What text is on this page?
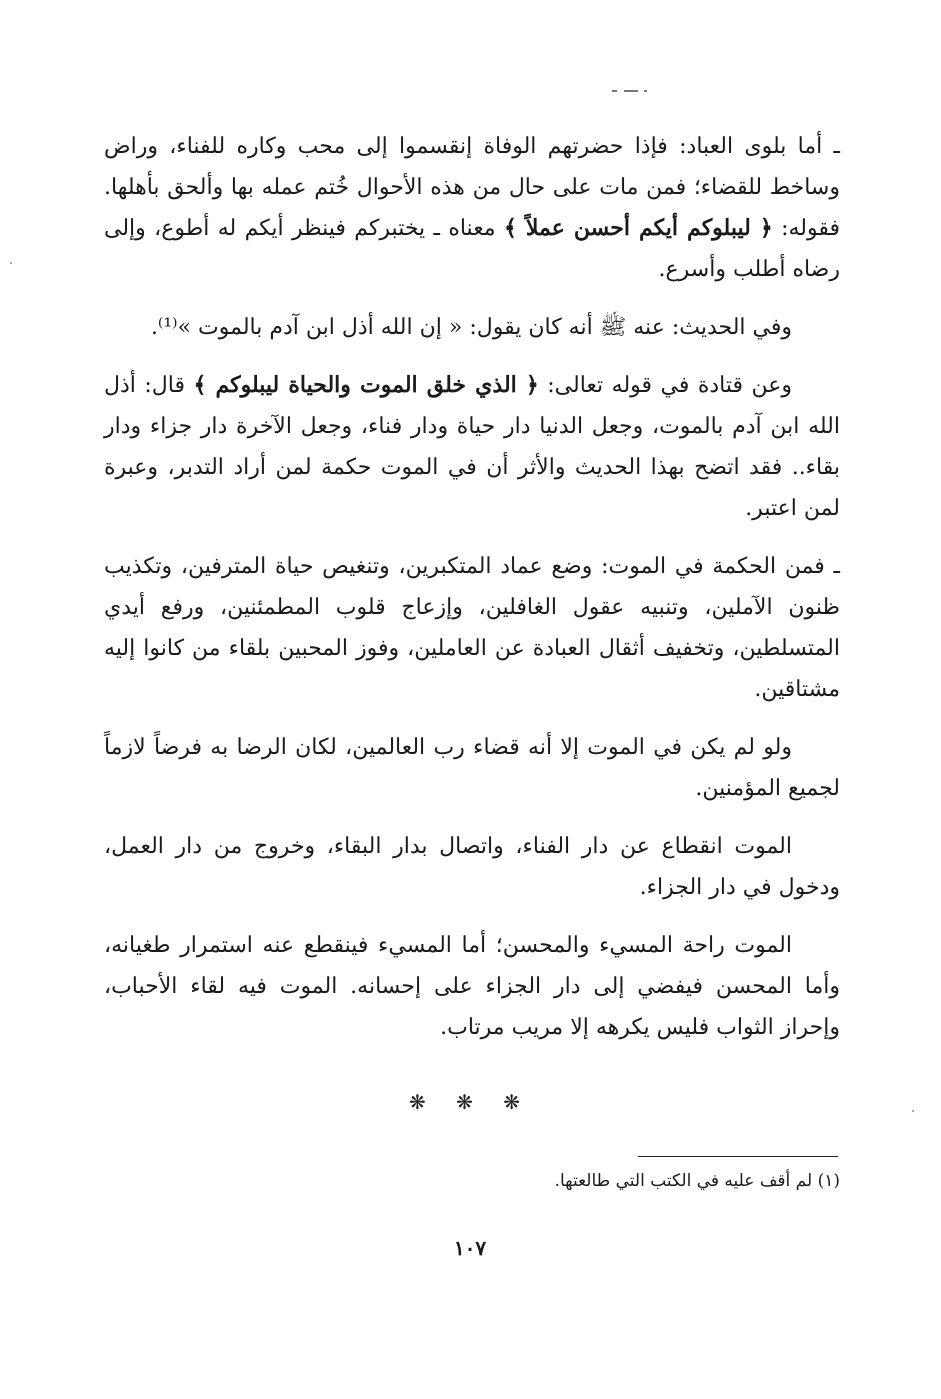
ـ أما بلوى العباد: فإذا حضرتهم الوفاة إنقسموا إلى محب وكاره للفناء، وراض وساخط للقضاء؛ فمن مات على حال من هذه الأحوال خُتم عمله بها وألحق بأهلها. فقوله: ﴿ ليبلوكم أيكم أحسن عملاً ﴾ معناه ـ يختبركم فينظر أيكم له أطوع، وإلى رضاه أطلب وأسرع.

وفي الحديث: عنه ﷺ أنه كان يقول: « إن الله أذل ابن آدم بالموت »⁽¹⁾.

وعن قتادة في قوله تعالى: ﴿ الذي خلق الموت والحياة ليبلوكم ﴾ قال: أذل الله ابن آدم بالموت، وجعل الدنيا دار حياة ودار فناء، وجعل الآخرة دار جزاء ودار بقاء.. فقد اتضح بهذا الحديث والأثر أن في الموت حكمة لمن أراد التدبر، وعبرة لمن اعتبر.

ـ فمن الحكمة في الموت: وضع عماد المتكبرين، وتنغيص حياة المترفين، وتكذيب ظنون الآملين، وتنبيه عقول الغافلين، وإزعاج قلوب المطمئنين، ورفع أيدي المتسلطين، وتخفيف أثقال العبادة عن العاملين، وفوز المحبين بلقاء من كانوا إليه مشتاقين.

ولو لم يكن في الموت إلا أنه قضاء رب العالمين، لكان الرضا به فرضاً لازماً لجميع المؤمنين.

الموت انقطاع عن دار الفناء، واتصال بدار البقاء، وخروج من دار العمل، ودخول في دار الجزاء.

الموت راحة المسيء والمحسن؛ أما المسيء فينقطع عنه استمرار طغيانه، وأما المحسن فيفضي إلى دار الجزاء على إحسانه. الموت فيه لقاء الأحباب، وإحراز الثواب فليس يكرهه إلا مريب مرتاب.

❋ ❋ ❋
(١) لم أقف عليه في الكتب التي طالعتها.
١٠٧
